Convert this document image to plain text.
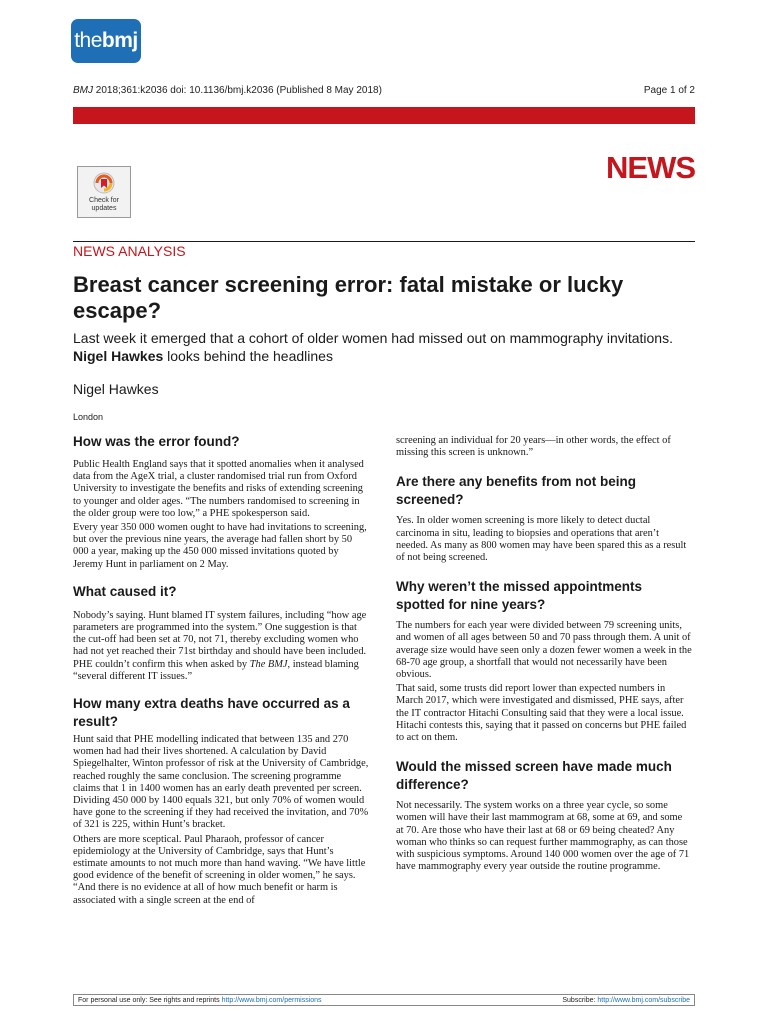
thebmj
BMJ 2018;361:k2036 doi: 10.1136/bmj.k2036 (Published 8 May 2018)	Page 1 of 2
NEWS
Check for
updates
NEWS ANALYSIS
Breast cancer screening error: fatal mistake or lucky escape?
Last week it emerged that a cohort of older women had missed out on mammography invitations. Nigel Hawkes looks behind the headlines
Nigel Hawkes
London
How was the error found?

Public Health England says that it spotted anomalies when it analysed data from the AgeX trial, a cluster randomised trial run from Oxford University to investigate the benefits and risks of extending screening to younger and older ages. “The numbers randomised to screening in the older group were too low,” a PHE spokesperson said.

Every year 350 000 women ought to have had invitations to screening, but over the previous nine years, the average had fallen short by 50 000 a year, making up the 450 000 missed invitations quoted by Jeremy Hunt in parliament on 2 May.

What caused it?

Nobody’s saying. Hunt blamed IT system failures, including “how age parameters are programmed into the system.” One suggestion is that the cut-off had been set at 70, not 71, thereby excluding women who had not yet reached their 71st birthday and should have been included. PHE couldn’t confirm this when asked by The BMJ, instead blaming “several different IT issues.”

How many extra deaths have occurred as a result?

Hunt said that PHE modelling indicated that between 135 and 270 women had had their lives shortened. A calculation by David Spiegelhalter, Winton professor of risk at the University of Cambridge, reached roughly the same conclusion. The screening programme claims that 1 in 1400 women has an early death prevented per screen. Dividing 450 000 by 1400 equals 321, but only 70% of women would have gone to the screening if they had received the invitation, and 70% of 321 is 225, within Hunt’s bracket.

Others are more sceptical. Paul Pharaoh, professor of cancer epidemiology at the University of Cambridge, says that Hunt’s estimate amounts to not much more than hand waving. “We have little good evidence of the benefit of screening in older women,” he says. “And there is no evidence at all of how much benefit or harm is associated with a single screen at the end of

screening an individual for 20 years—in other words, the effect of missing this screen is unknown.”

Are there any benefits from not being screened?

Yes. In older women screening is more likely to detect ductal carcinoma in situ, leading to biopsies and operations that aren’t needed. As many as 800 women may have been spared this as a result of not being screened.

Why weren’t the missed appointments spotted for nine years?

The numbers for each year were divided between 79 screening units, and women of all ages between 50 and 70 pass through them. A unit of average size would have seen only a dozen fewer women a week in the 68-70 age group, a shortfall that would not necessarily have been obvious.

That said, some trusts did report lower than expected numbers in March 2017, which were investigated and dismissed, PHE says, after the IT contractor Hitachi Consulting said that they were a local issue. Hitachi contests this, saying that it passed on concerns but PHE failed to act on them.

Would the missed screen have made much difference?

Not necessarily. The system works on a three year cycle, so some women will have their last mammogram at 68, some at 69, and some at 70. Are those who have their last at 68 or 69 being cheated? Any woman who thinks so can request further mammography, as can those with suspicious symptoms. Around 140 000 women over the age of 71 have mammography every year outside the routine programme.

For personal use only: See rights and reprints http://www.bmj.com/permissions	Subscribe: http://www.bmj.com/subscribe
